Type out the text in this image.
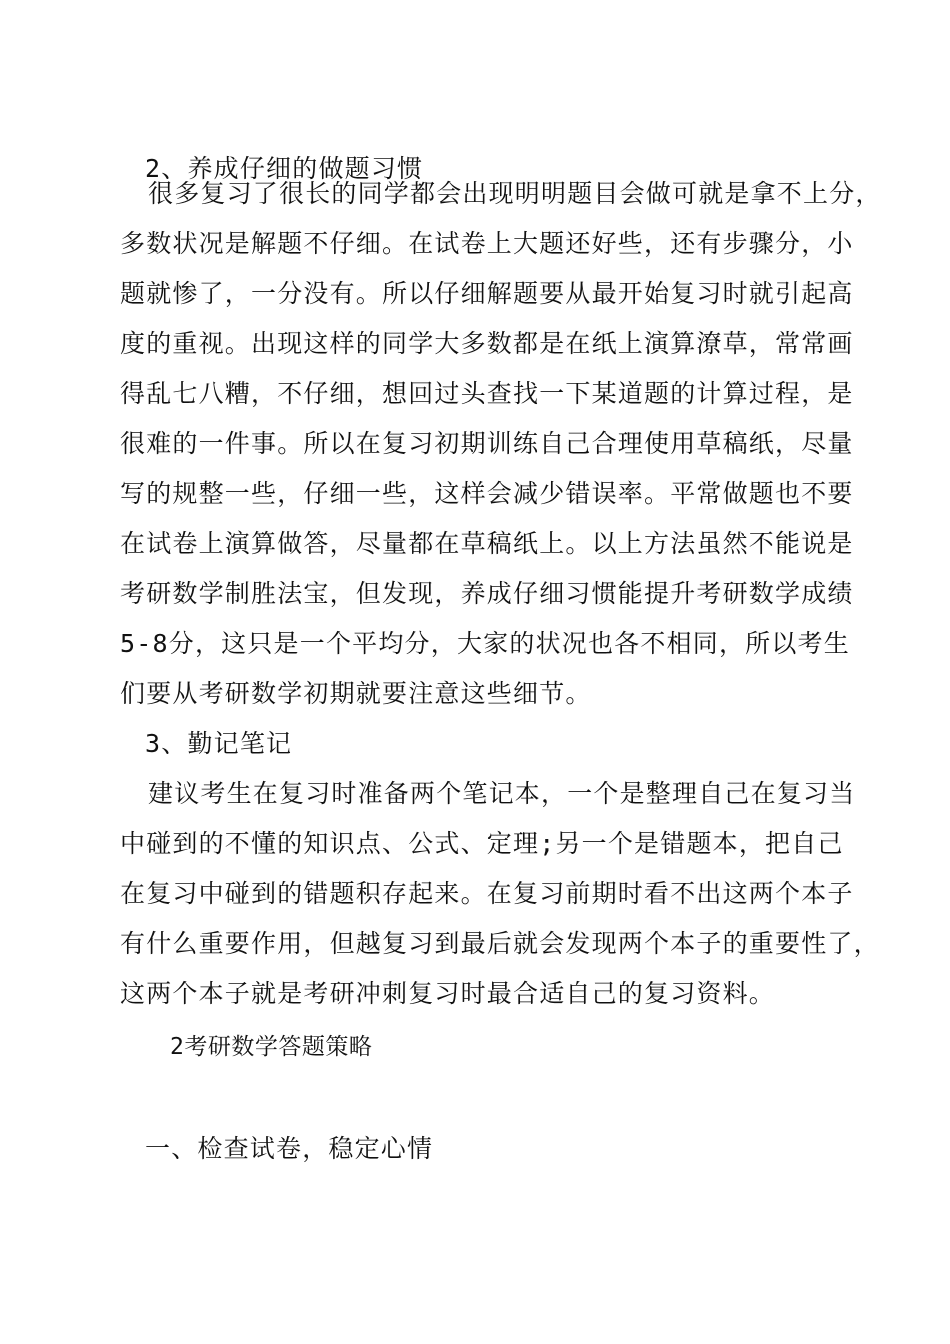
2、养成仔细的做题习惯
很多复习了很长的同学都会出现明明题目会做可就是拿不上分，
多数状况是解题不仔细。在试卷上大题还好些，还有步骤分，小
题就惨了，一分没有。所以仔细解题要从最开始复习时就引起高
度的重视。出现这样的同学大多数都是在纸上演算潦草，常常画
得乱七八糟，不仔细，想回过头查找一下某道题的计算过程，是
很难的一件事。所以在复习初期训练自己合理使用草稿纸，尽量
写的规整一些，仔细一些，这样会减少错误率。平常做题也不要
在试卷上演算做答，尽量都在草稿纸上。以上方法虽然不能说是
考研数学制胜法宝，但发现，养成仔细习惯能提升考研数学成绩
5-8分，这只是一个平均分，大家的状况也各不相同，所以考生
们要从考研数学初期就要注意这些细节。
3、勤记笔记
建议考生在复习时准备两个笔记本，一个是整理自己在复习当
中碰到的不懂的知识点、公式、定理;另一个是错题本，把自己
在复习中碰到的错题积存起来。在复习前期时看不出这两个本子
有什么重要作用，但越复习到最后就会发现两个本子的重要性了，
这两个本子就是考研冲刺复习时最合适自己的复习资料。
2考研数学答题策略
一、检查试卷，稳定心情
